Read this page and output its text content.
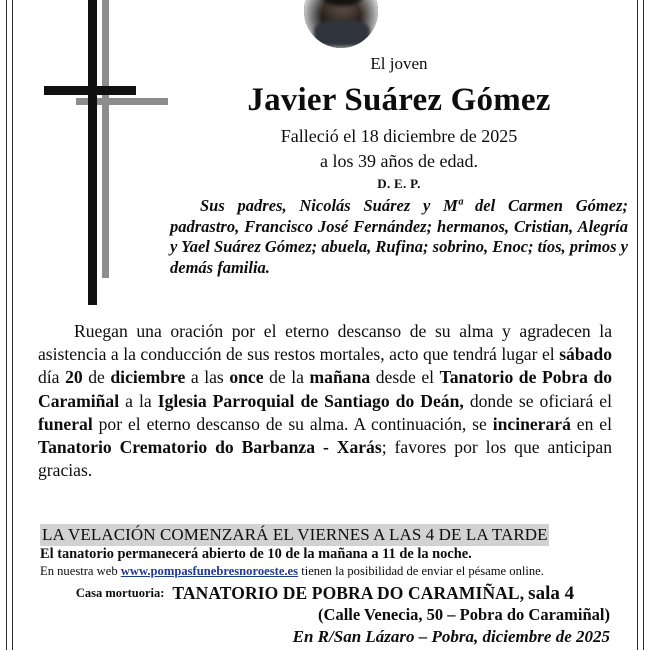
El joven
Javier Suárez Gómez
Falleció el 18 diciembre de 2025
a los 39 años de edad.
D. E. P.
Sus padres, Nicolás Suárez y Mª del Carmen Gómez; padrastro, Francisco José Fernández; hermanos, Cristian, Alegría y Yael Suárez Gómez; abuela, Rufina; sobrino, Enoc; tíos, primos y demás familia.
Ruegan una oración por el eterno descanso de su alma y agradecen la asistencia a la conducción de sus restos mortales, acto que tendrá lugar el sábado día 20 de diciembre a las once de la mañana desde el Tanatorio de Pobra do Caramiñal a la Iglesia Parroquial de Santiago do Deán, donde se oficiará el funeral por el eterno descanso de su alma. A continuación, se incinerará en el Tanatorio Crematorio do Barbanza - Xarás; favores por los que anticipan gracias.
LA VELACIÓN COMENZARÁ EL VIERNES A LAS 4 DE LA TARDE
El tanatorio permanecerá abierto de 10 de la mañana a 11 de la noche.
En nuestra web www.pompasfunebresnoroeste.es tienen la posibilidad de enviar el pésame online.
Casa mortuoria: TANATORIO DE POBRA DO CARAMIÑAL, sala 4
(Calle Venecia, 50 – Pobra do Caramiñal)
En R/San Lázaro – Pobra, diciembre de 2025
